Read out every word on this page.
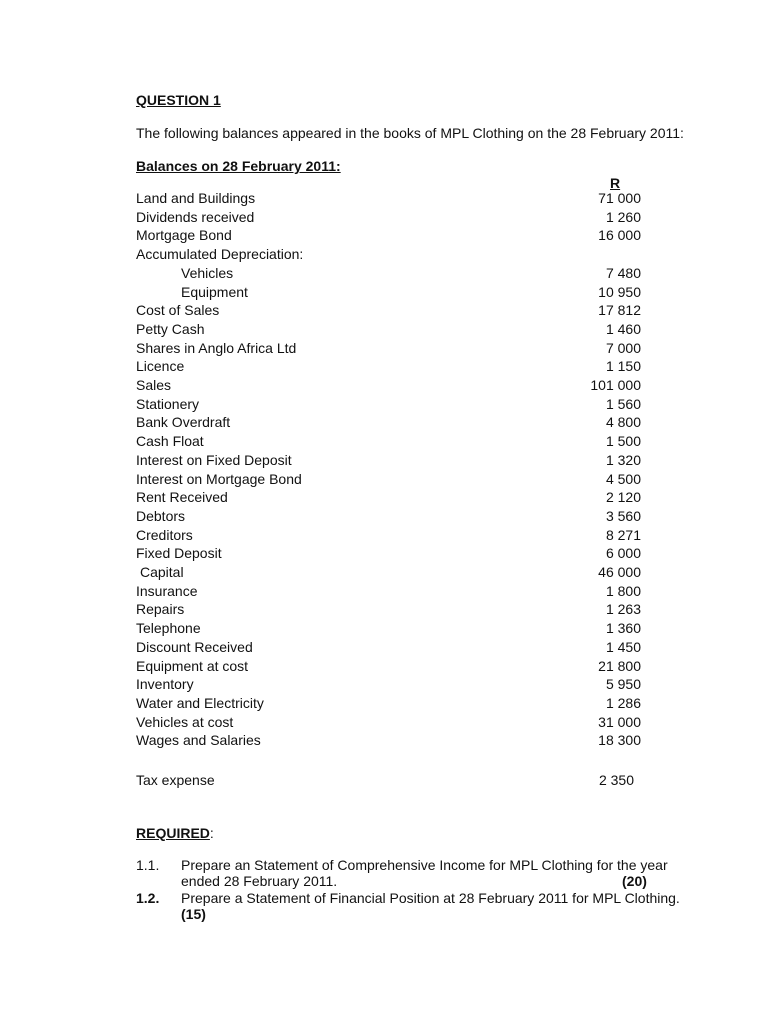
QUESTION 1
The following balances appeared in the books of MPL Clothing on the 28 February 2011:
Balances on 28 February 2011:
R
Land and Buildings	71 000
Dividends received	1 260
Mortgage Bond	16 000
Accumulated Depreciation:
Vehicles	7 480
Equipment	10 950
Cost of Sales	17 812
Petty Cash	1 460
Shares in Anglo Africa Ltd	7 000
Licence	1 150
Sales	101 000
Stationery	1 560
Bank Overdraft	4 800
Cash Float	1 500
Interest on Fixed Deposit	1 320
Interest on Mortgage Bond	4 500
Rent Received	2 120
Debtors	3 560
Creditors	8 271
Fixed Deposit	6 000
Capital	46 000
Insurance	1 800
Repairs	1 263
Telephone	1 360
Discount Received	1 450
Equipment at cost	21 800
Inventory	5 950
Water and Electricity	1 286
Vehicles at cost	31 000
Wages and Salaries	18 300
Tax expense	2 350
REQUIRED:
1.1. Prepare an Statement of Comprehensive Income for MPL Clothing for the year
ended 28 February 2011.	(20)
1.2. Prepare a Statement of Financial Position at 28 February 2011 for MPL Clothing.
(15)
